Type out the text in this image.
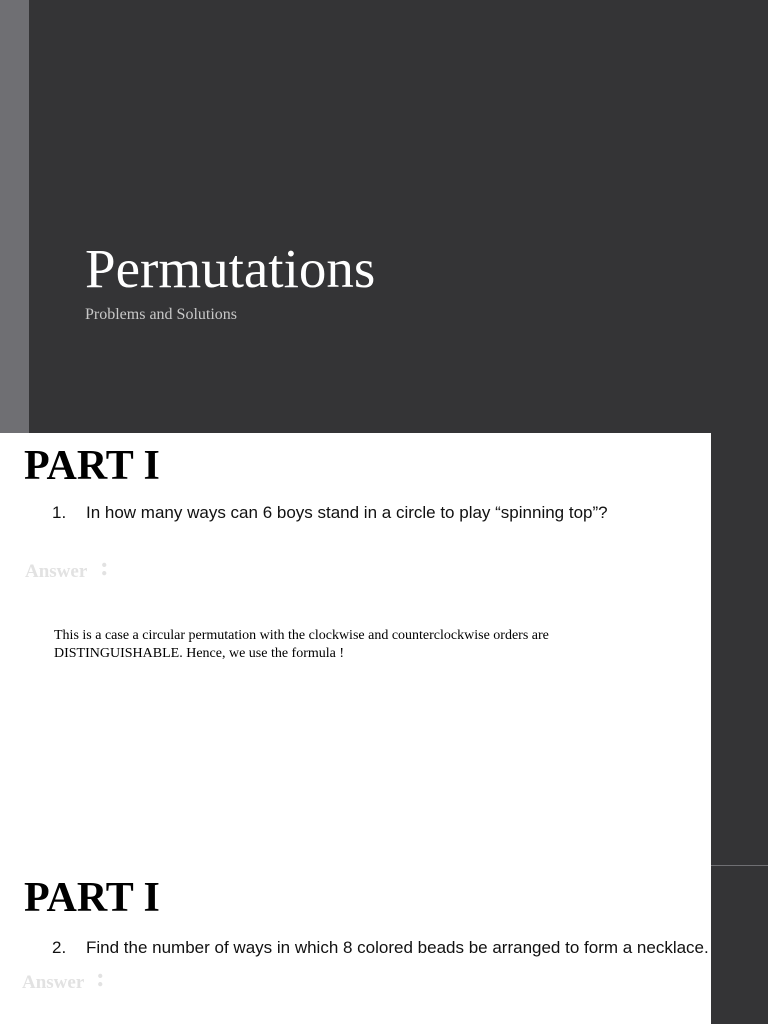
Permutations
Problems and Solutions
PART I
1. In how many ways can 6 boys stand in a circle to play “spinning top”?
Answer :
This is a case a circular permutation with the clockwise and counterclockwise orders are
DISTINGUISHABLE. Hence, we use the formula !
PART I
2. Find the number of ways in which 8 colored beads be arranged to form a necklace.
Answer :
